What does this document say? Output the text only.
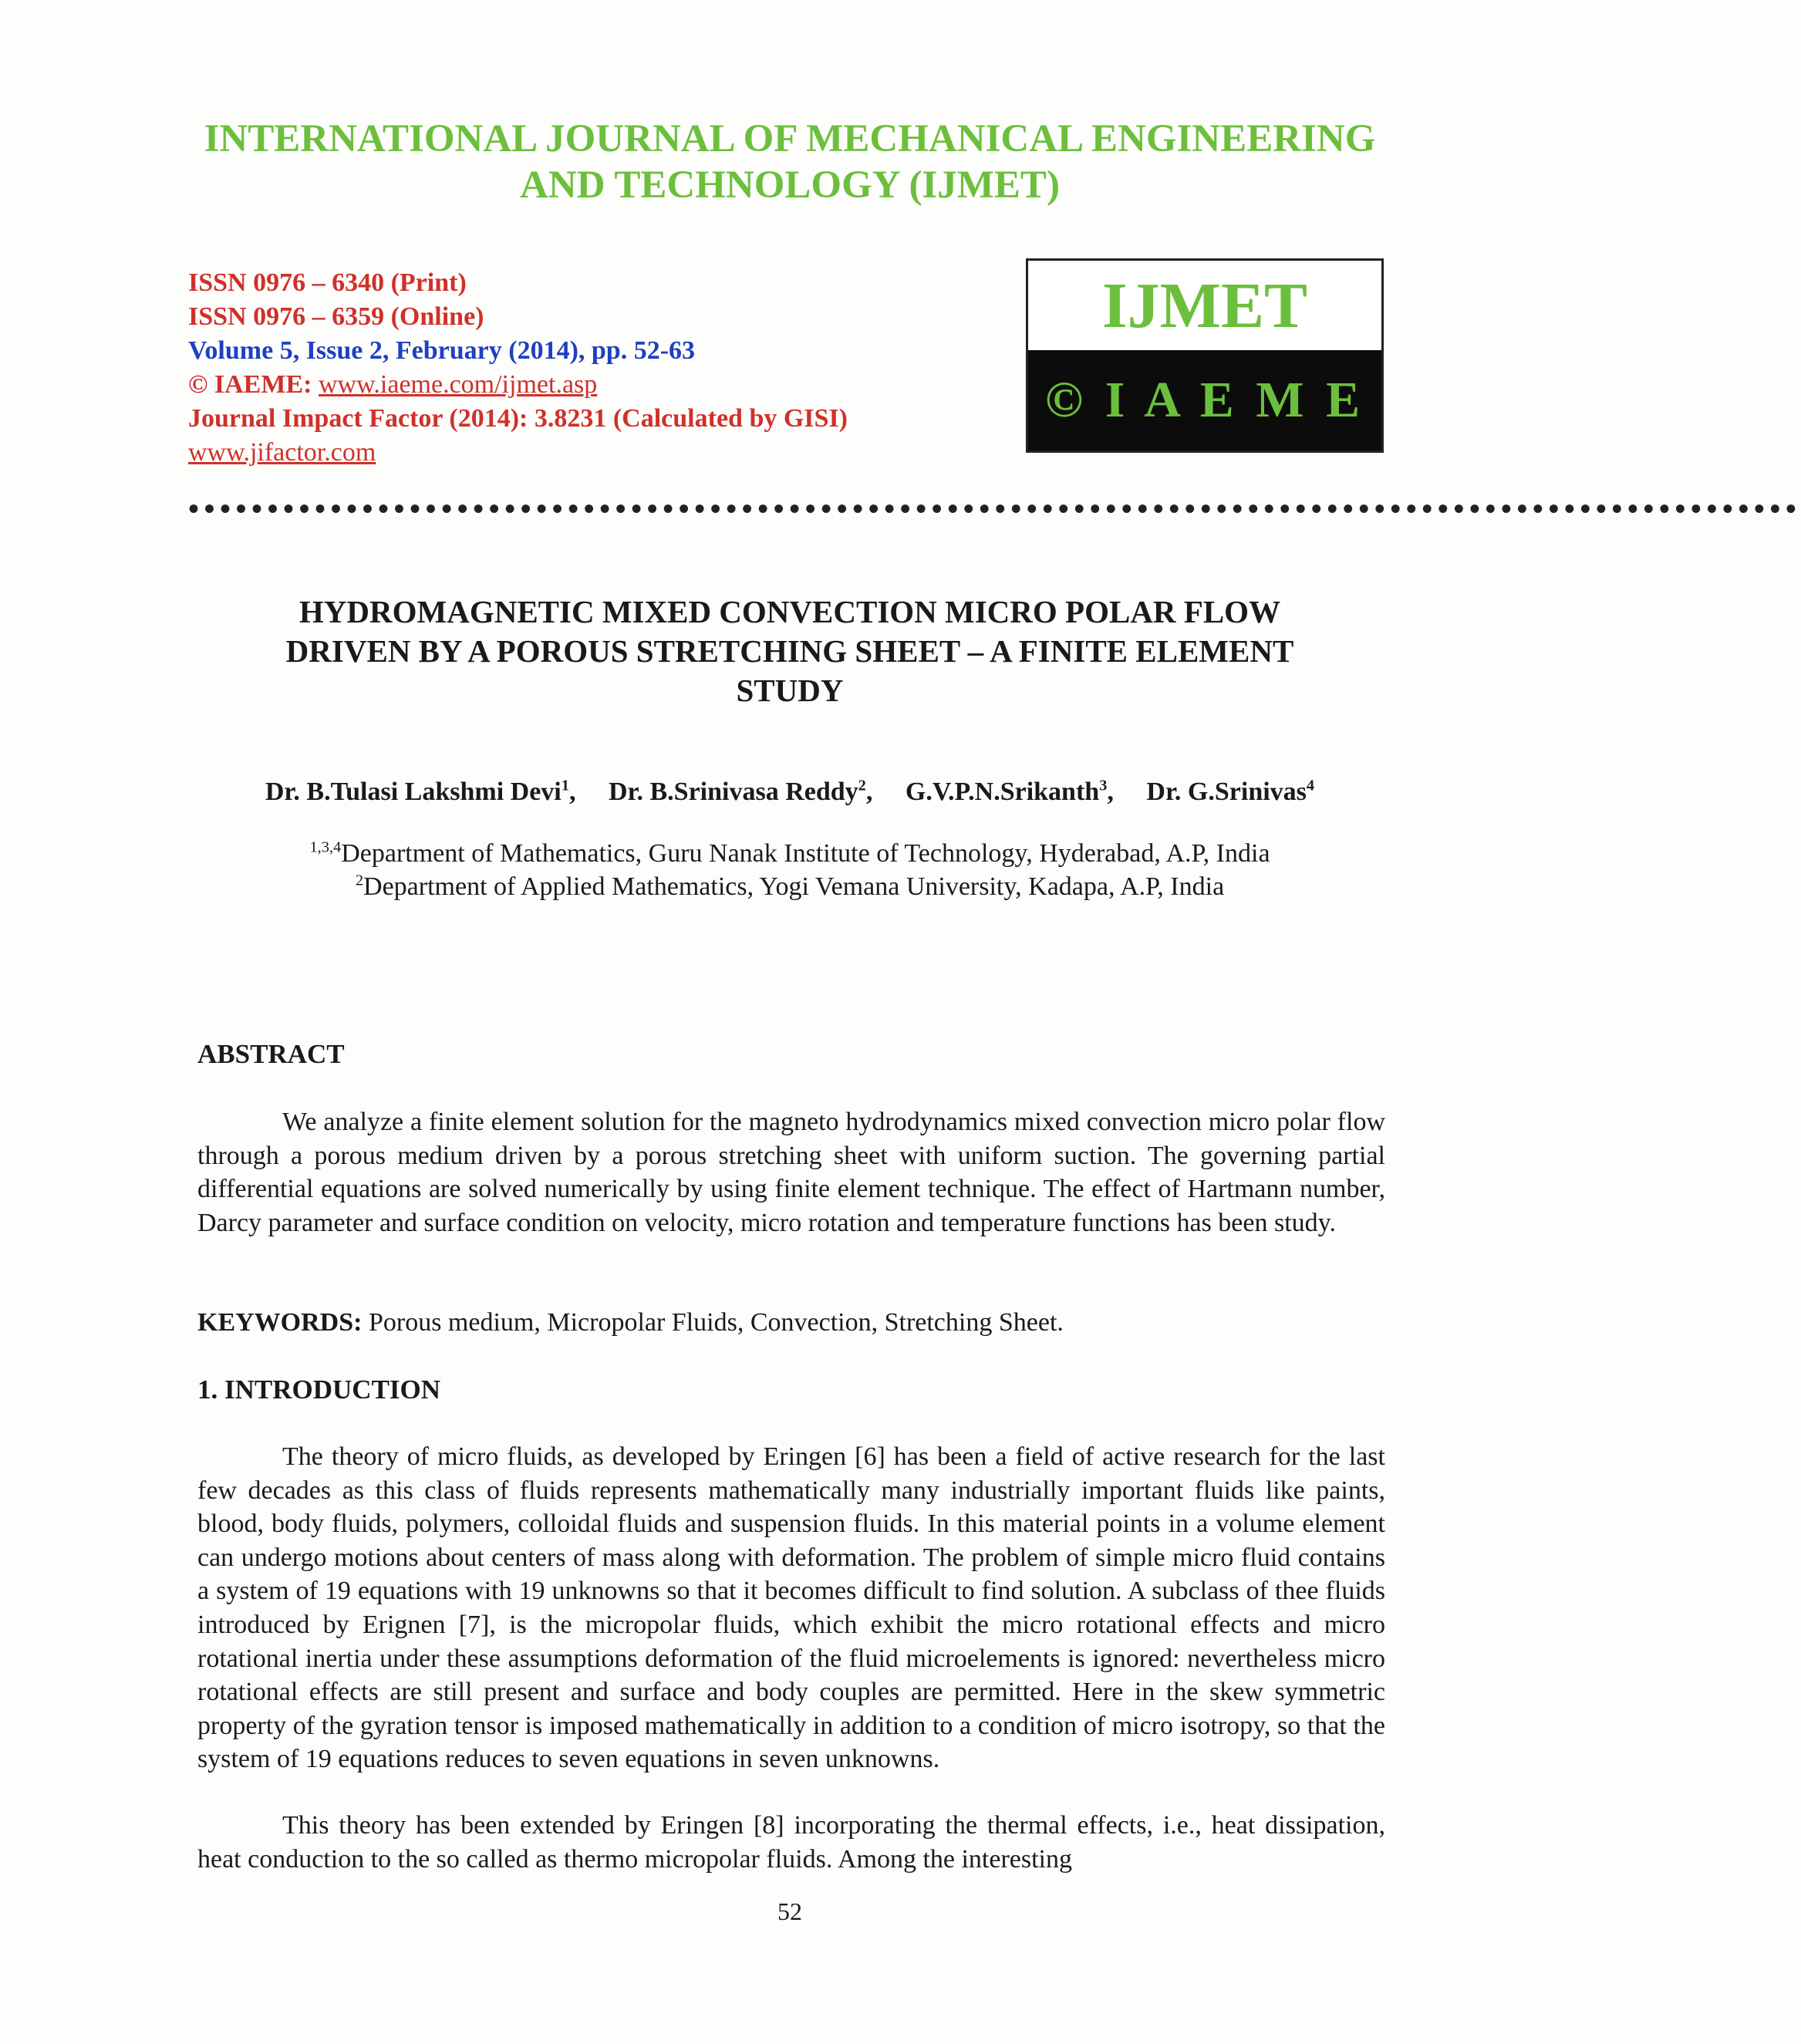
INTERNATIONAL JOURNAL OF MECHANICAL ENGINEERING
AND TECHNOLOGY (IJMET)
ISSN 0976 – 6340 (Print)
ISSN 0976 – 6359 (Online)
Volume 5, Issue 2, February (2014), pp. 52-63
© IAEME: www.iaeme.com/ijmet.asp
Journal Impact Factor (2014): 3.8231 (Calculated by GISI)
www.jifactor.com
IJMET
© I A E M E
••••••••••••••••••••••••••••••••••••••••••••••••••••••••••••••••••••••••••••••••••••••••••••••••••••••
HYDROMAGNETIC MIXED CONVECTION MICRO POLAR FLOW
DRIVEN BY A POROUS STRETCHING SHEET – A FINITE ELEMENT
STUDY
Dr. B.Tulasi Lakshmi Devi$^1$, Dr. B.Srinivasa Reddy$^2$, G.V.P.N.Srikanth$^3$, Dr. G.Srinivas$^4$
$^{1,3,4}$Department of Mathematics, Guru Nanak Institute of Technology, Hyderabad, A.P, India
$^2$Department of Applied Mathematics, Yogi Vemana University, Kadapa, A.P, India
ABSTRACT
We analyze a finite element solution for the magneto hydrodynamics mixed convection micro polar flow through a porous medium driven by a porous stretching sheet with uniform suction. The governing partial differential equations are solved numerically by using finite element technique. The effect of Hartmann number, Darcy parameter and surface condition on velocity, micro rotation and temperature functions has been study.
KEYWORDS: Porous medium, Micropolar Fluids, Convection, Stretching Sheet.
1. INTRODUCTION
The theory of micro fluids, as developed by Eringen [6] has been a field of active research for the last few decades as this class of fluids represents mathematically many industrially important fluids like paints, blood, body fluids, polymers, colloidal fluids and suspension fluids. In this material points in a volume element can undergo motions about centers of mass along with deformation. The problem of simple micro fluid contains a system of 19 equations with 19 unknowns so that it becomes difficult to find solution. A subclass of thee fluids introduced by Erignen [7], is the micropolar fluids, which exhibit the micro rotational effects and micro rotational inertia under these assumptions deformation of the fluid microelements is ignored: nevertheless micro rotational effects are still present and surface and body couples are permitted. Here in the skew symmetric property of the gyration tensor is imposed mathematically in addition to a condition of micro isotropy, so that the system of 19 equations reduces to seven equations in seven unknowns.
This theory has been extended by Eringen [8] incorporating the thermal effects, i.e., heat dissipation, heat conduction to the so called as thermo micropolar fluids. Among the interesting
52
